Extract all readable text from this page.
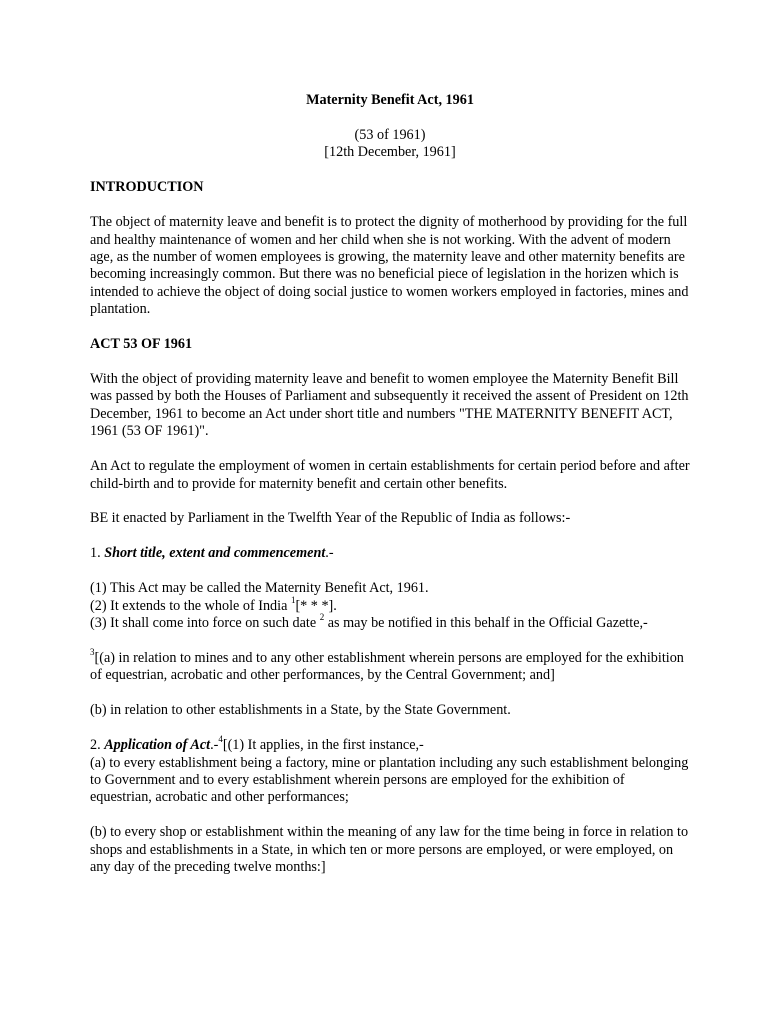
Maternity Benefit Act, 1961

(53 of 1961)

[12th December, 1961]

INTRODUCTION

The object of maternity leave and benefit is to protect the dignity of motherhood by providing for the full and healthy maintenance of women and her child when she is not working. With the advent of modern age, as the number of women employees is growing, the maternity leave and other maternity benefits are becoming increasingly common. But there was no beneficial piece of legislation in the horizen which is intended to achieve the object of doing social justice to women workers employed in factories, mines and plantation.

ACT 53 OF 1961

With the object of providing maternity leave and benefit to women employee the Maternity Benefit Bill was passed by both the Houses of Parliament and subsequently it received the assent of President on 12th December, 1961 to become an Act under short title and numbers "THE MATERNITY BENEFIT ACT, 1961 (53 OF 1961)".

An Act to regulate the employment of women in certain establishments for certain period before and after child-birth and to provide for maternity benefit and certain other benefits.

BE it enacted by Parliament in the Twelfth Year of the Republic of India as follows:-

1. Short title, extent and commencement.-

(1) This Act may be called the Maternity Benefit Act, 1961.

(2) It extends to the whole of India $^1$[* * *].

(3) It shall come into force on such date $^2$ as may be notified in this behalf in the Official Gazette,-

$^3$[(a) in relation to mines and to any other establishment wherein persons are employed for the exhibition of equestrian, acrobatic and other performances, by the Central Government; and]

(b) in relation to other establishments in a State, by the State Government.

2. Application of Act.-$^4$[(1) It applies, in the first instance,-

(a) to every establishment being a factory, mine or plantation including any such establishment belonging to Government and to every establishment wherein persons are employed for the exhibition of equestrian, acrobatic and other performances;

(b) to every shop or establishment within the meaning of any law for the time being in force in relation to shops and establishments in a State, in which ten or more persons are employed, or were employed, on any day of the preceding twelve months:]
